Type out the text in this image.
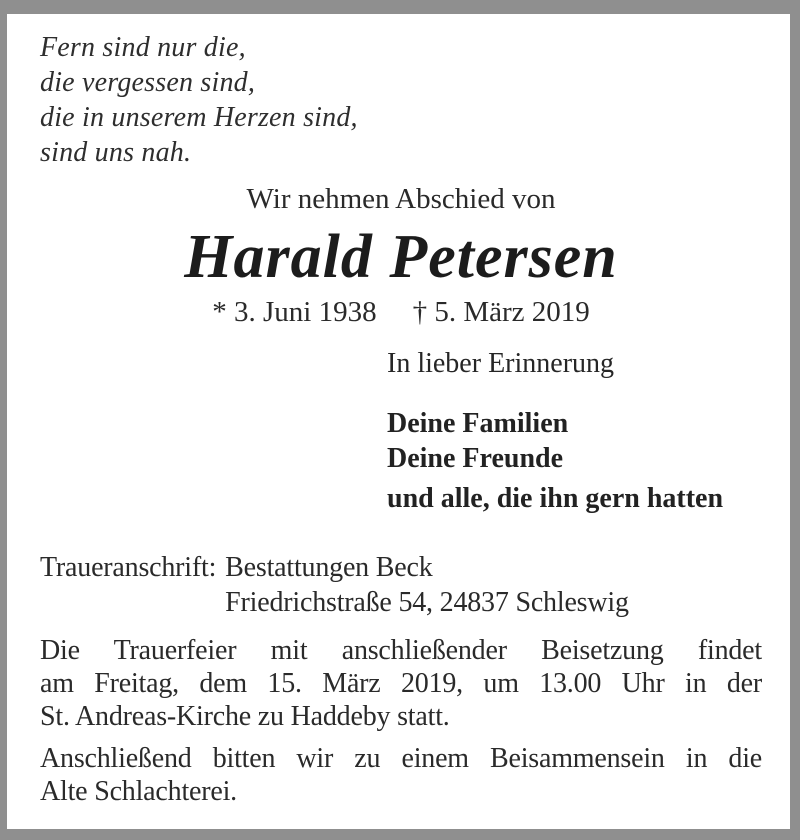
Fern sind nur die,
die vergessen sind,
die in unserem Herzen sind,
sind uns nah.
Wir nehmen Abschied von
Harald Petersen
* 3. Juni 1938 † 5. März 2019
In lieber Erinnerung
Deine Familien
Deine Freunde
und alle, die ihn gern hatten
Traueranschrift: Bestattungen Beck
Friedrichstraße 54, 24837 Schleswig
Die Trauerfeier mit anschließender Beisetzung findet
am Freitag, dem 15. März 2019, um 13.00 Uhr in der
St. Andreas-Kirche zu Haddeby statt.
Anschließend bitten wir zu einem Beisammensein in die
Alte Schlachterei.
